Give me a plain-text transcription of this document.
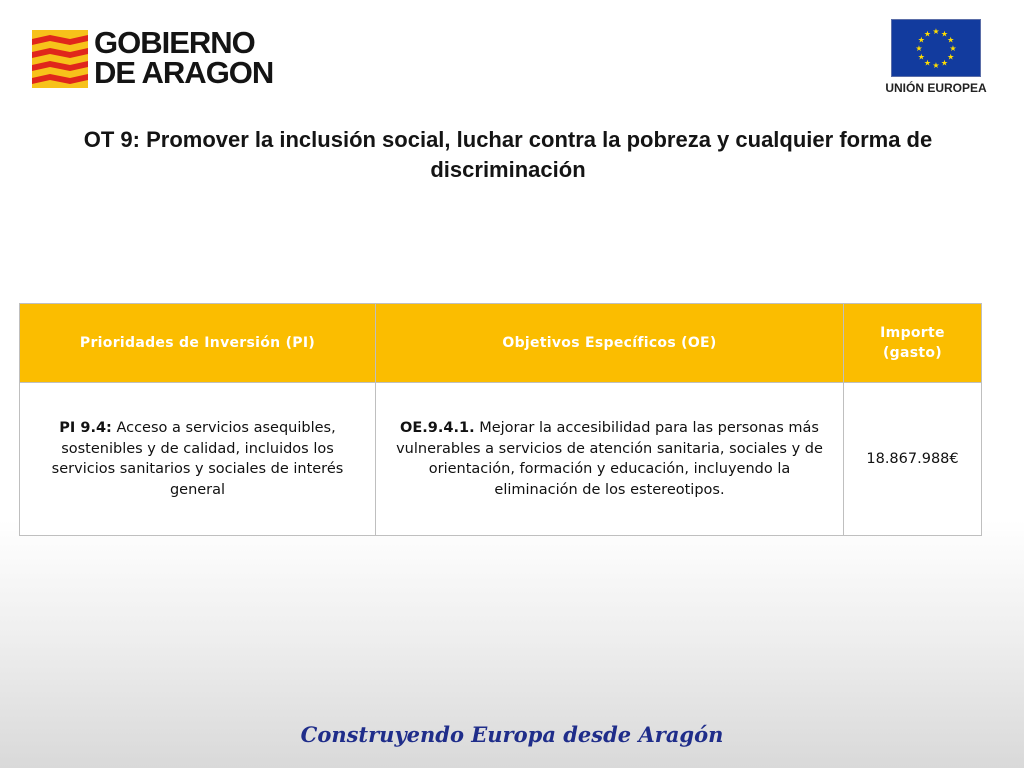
GOBIERNO
DE ARAGON
★ ★
★
★
★
★
★
★
★
★
★
★
UNIÓN EUROPEA
OT 9: Promover la inclusión social, luchar contra la pobreza y cualquier forma de discriminación
Prioridades de Inversión (PI)	Objetivos Específicos (OE)	Importe (gasto)
PI 9.4: Acceso a servicios asequibles, sostenibles y de calidad, incluidos los servicios sanitarios y sociales de interés general	OE.9.4.1. Mejorar la accesibilidad para las personas más vulnerables a servicios de atención sanitaria, sociales y de orientación, formación y educación, incluyendo la eliminación de los estereotipos.	18.867.988€
Construyendo Europa desde Aragón
